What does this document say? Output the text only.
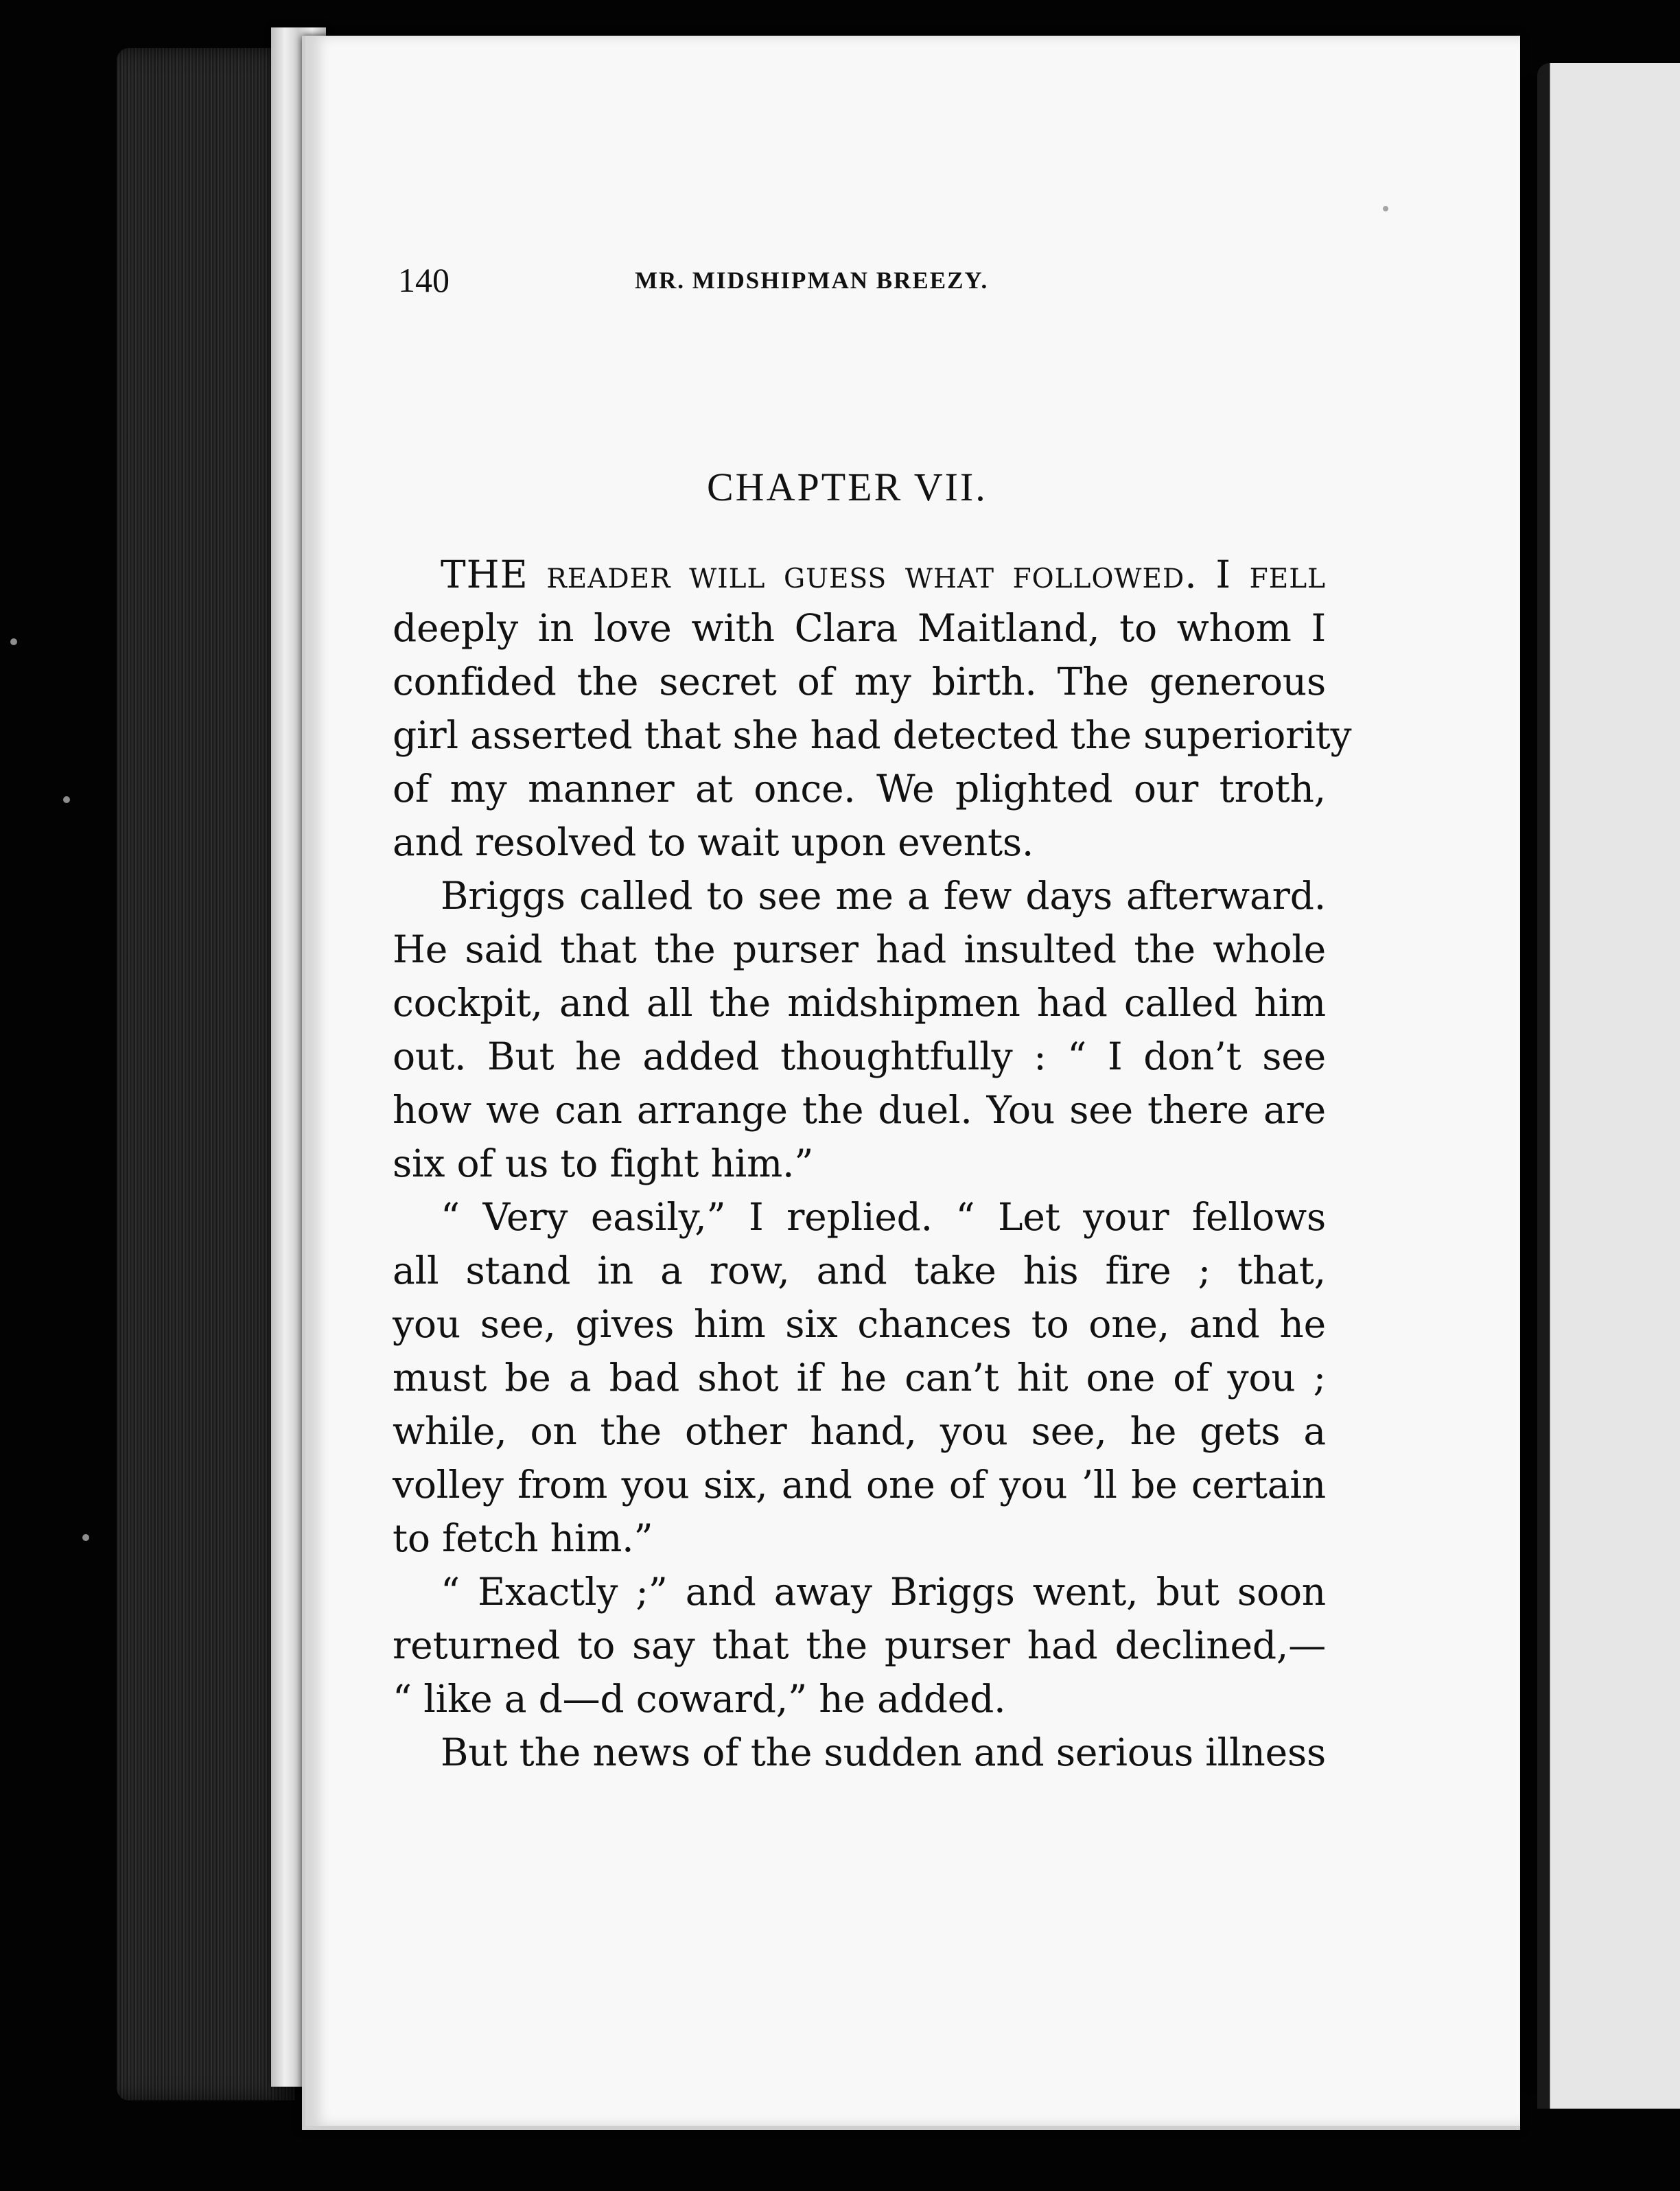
140	MR. MIDSHIPMAN BREEZY.
CHAPTER VII.
THE reader will guess what followed. I fell
deeply in love with Clara Maitland, to whom I
confided the secret of my birth. The generous
girl asserted that she had detected the superiority
of my manner at once. We plighted our troth,
and resolved to wait upon events.
Briggs called to see me a few days afterward.
He said that the purser had insulted the whole
cockpit, and all the midshipmen had called him
out. But he added thoughtfully : “ I don’t see
how we can arrange the duel. You see there are
six of us to fight him.”
“ Very easily,” I replied. “ Let your fellows
all stand in a row, and take his fire ; that,
you see, gives him six chances to one, and he
must be a bad shot if he can’t hit one of you ;
while, on the other hand, you see, he gets a
volley from you six, and one of you ’ll be certain
to fetch him.”
“ Exactly ;” and away Briggs went, but soon
returned to say that the purser had declined,—
“ like a d—d coward,” he added.
But the news of the sudden and serious illness
